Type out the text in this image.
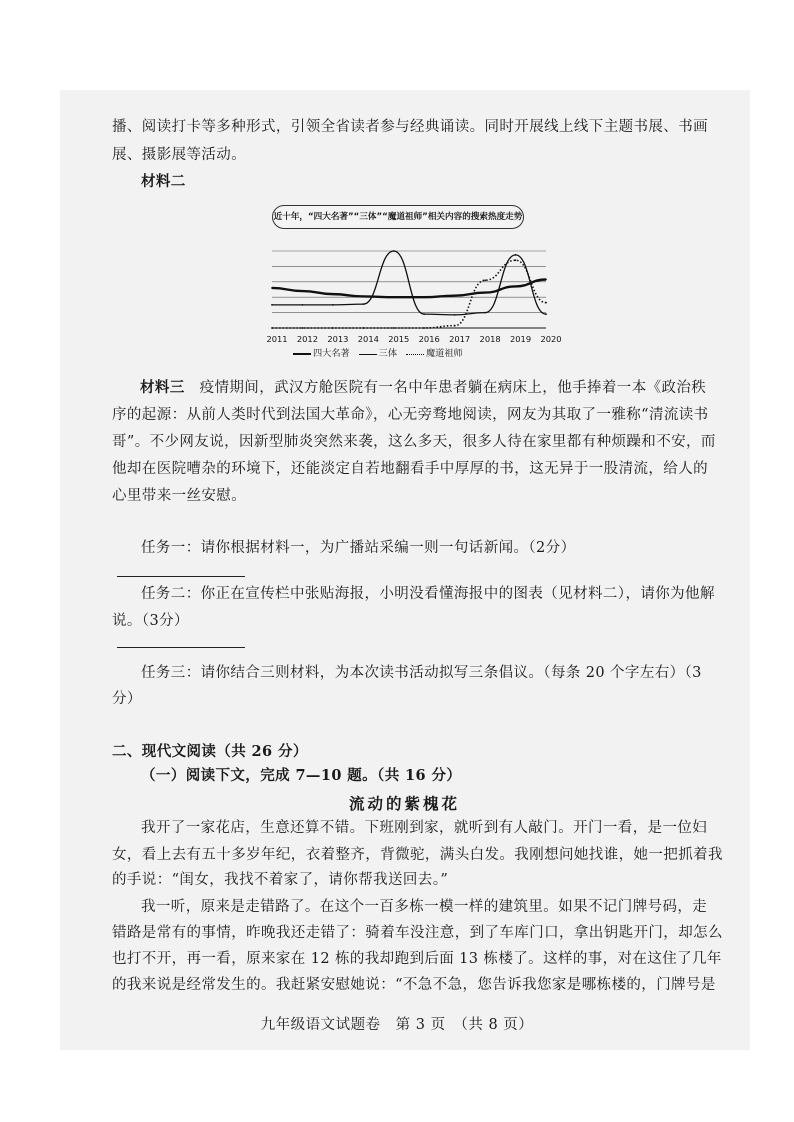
播、阅读打卡等多种形式，引领全省读者参与经典诵读。同时开展线上线下主题书展、书画
展、摄影展等活动。
材料二
2011 2012 2013 2014 2015 2016 2017 2018 2019 2020
近十年，“四大名著”“三体”“魔道祖师”相关内容的搜索热度走势
四大名著	三体	魔道祖师
材料三　 疫情期间，武汉方舱医院有一名中年患者躺在病床上，他手捧着一本《政治秩
序的起源：从前人类时代到法国大革命》，心无旁骛地阅读，网友为其取了一雅称“清流读书
哥”。不少网友说，因新型肺炎突然来袭，这么多天，很多人待在家里都有种烦躁和不安，而
他却在医院嘈杂的环境下，还能淡定自若地翻看手中厚厚的书，这无异于一股清流，给人的
心里带来一丝安慰。
任务一：请你根据材料一，为广播站采编一则一句话新闻。（2分）
任务二：你正在宣传栏中张贴海报，小明没看懂海报中的图表（见材料二），请你为他解
说。（3分）
任务三：请你结合三则材料，为本次读书活动拟写三条倡议。（每条 20 个字左右）（3
分）
二、现代文阅读（共 26 分）
（一）阅读下文，完成 7—10 题。（共 16 分）
流动的紫槐花
我开了一家花店，生意还算不错。下班刚到家，就听到有人敲门。开门一看，是一位妇
女，看上去有五十多岁年纪，衣着整齐，背微驼，满头白发。我刚想问她找谁，她一把抓着我
的手说：“闺女，我找不着家了，请你帮我送回去。”
我一听，原来是走错路了。在这个一百多栋一模一样的建筑里。如果不记门牌号码，走
错路是常有的事情，昨晚我还走错了：骑着车没注意，到了车库门口，拿出钥匙开门，却怎么
也打不开，再一看，原来家在 12 栋的我却跑到后面 13 栋楼了。这样的事，对在这住了几年
的我来说是经常发生的。我赶紧安慰她说：“不急不急，您告诉我您家是哪栋楼的，门牌号是
九年级语文试题卷　第 3 页　（共 8 页）
